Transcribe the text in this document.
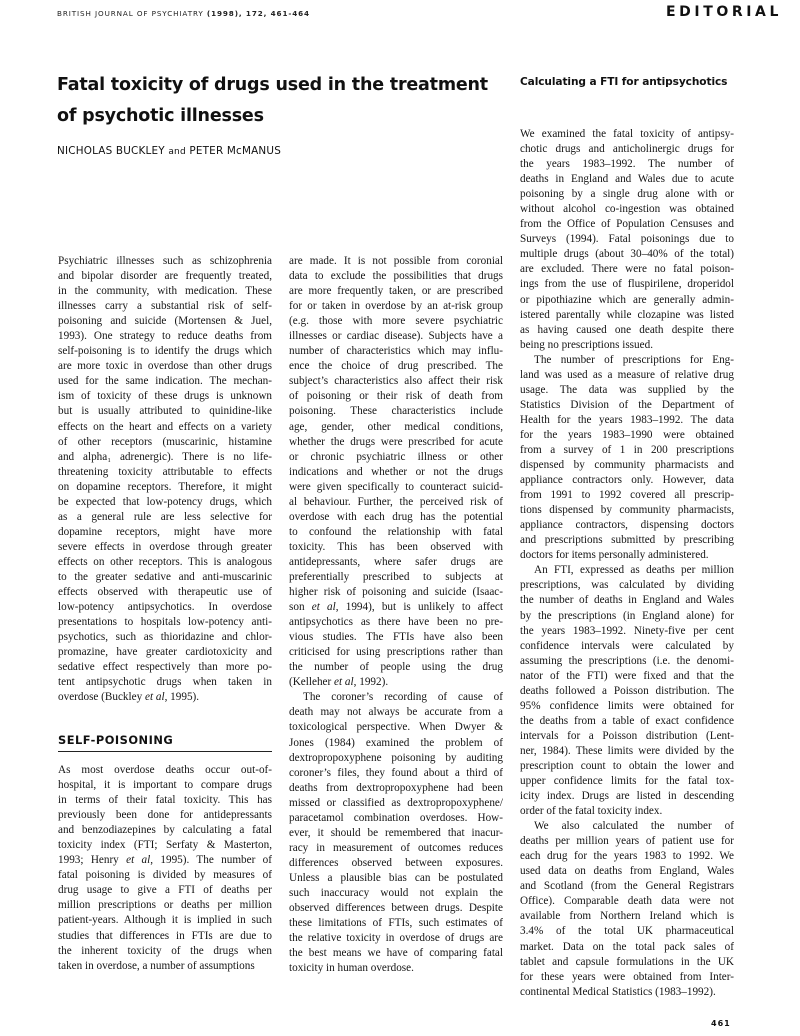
BRITISH JOURNAL OF PSYCHIATRY (1998), 172, 461-464	EDITORIAL
Fatal toxicity of drugs used in the treatment
of psychotic illnesses
NICHOLAS BUCKLEY and PETER McMANUS
Psychiatric illnesses such as schizophrenia
and bipolar disorder are frequently treated,
in the community, with medication. These
illnesses carry a substantial risk of self-
poisoning and suicide (Mortensen & Juel,
1993). One strategy to reduce deaths from
self-poisoning is to identify the drugs which
are more toxic in overdose than other drugs
used for the same indication. The mechan-
ism of toxicity of these drugs is unknown
but is usually attributed to quinidine-like
effects on the heart and effects on a variety
of other receptors (muscarinic, histamine
and alpha₁ adrenergic). There is no life-
threatening toxicity attributable to effects
on dopamine receptors. Therefore, it might
be expected that low-potency drugs, which
as a general rule are less selective for
dopamine receptors, might have more
severe effects in overdose through greater
effects on other receptors. This is analogous
to the greater sedative and anti-muscarinic
effects observed with therapeutic use of
low-potency antipsychotics. In overdose
presentations to hospitals low-potency anti-
psychotics, such as thioridazine and chlor-
promazine, have greater cardiotoxicity and
sedative effect respectively than more po-
tent antipsychotic drugs when taken in
overdose (Buckley et al, 1995).
SELF-POISONING
As most overdose deaths occur out-of-
hospital, it is important to compare drugs
in terms of their fatal toxicity. This has
previously been done for antidepressants
and benzodiazepines by calculating a fatal
toxicity index (FTI; Serfaty & Masterton,
1993; Henry et al, 1995). The number of
fatal poisoning is divided by measures of
drug usage to give a FTI of deaths per
million prescriptions or deaths per million
patient-years. Although it is implied in such
studies that differences in FTIs are due to
the inherent toxicity of the drugs when
taken in overdose, a number of assumptions
are made. It is not possible from coronial
data to exclude the possibilities that drugs
are more frequently taken, or are prescribed
for or taken in overdose by an at-risk group
(e.g. those with more severe psychiatric
illnesses or cardiac disease). Subjects have a
number of characteristics which may influ-
ence the choice of drug prescribed. The
subject’s characteristics also affect their risk
of poisoning or their risk of death from
poisoning. These characteristics include
age, gender, other medical conditions,
whether the drugs were prescribed for acute
or chronic psychiatric illness or other
indications and whether or not the drugs
were given specifically to counteract suicid-
al behaviour. Further, the perceived risk of
overdose with each drug has the potential
to confound the relationship with fatal
toxicity. This has been observed with
antidepressants, where safer drugs are
preferentially prescribed to subjects at
higher risk of poisoning and suicide (Isaac-
son et al, 1994), but is unlikely to affect
antipsychotics as there have been no pre-
vious studies. The FTIs have also been
criticised for using prescriptions rather than
the number of people using the drug
(Kelleher et al, 1992).
The coroner’s recording of cause of
death may not always be accurate from a
toxicological perspective. When Dwyer &
Jones (1984) examined the problem of
dextropropoxyphene poisoning by auditing
coroner’s files, they found about a third of
deaths from dextropropoxyphene had been
missed or classified as dextropropoxyphene/
paracetamol combination overdoses. How-
ever, it should be remembered that inacur-
racy in measurement of outcomes reduces
differences observed between exposures.
Unless a plausible bias can be postulated
such inaccuracy would not explain the
observed differences between drugs. Despite
these limitations of FTIs, such estimates of
the relative toxicity in overdose of drugs are
the best means we have of comparing fatal
toxicity in human overdose.
Calculating a FTI for antipsychotics
We examined the fatal toxicity of antipsy-
chotic drugs and anticholinergic drugs for
the years 1983–1992. The number of
deaths in England and Wales due to acute
poisoning by a single drug alone with or
without alcohol co-ingestion was obtained
from the Office of Population Censuses and
Surveys (1994). Fatal poisonings due to
multiple drugs (about 30–40% of the total)
are excluded. There were no fatal poison-
ings from the use of fluspirilene, droperidol
or pipothiazine which are generally admin-
istered parentally while clozapine was listed
as having caused one death despite there
being no prescriptions issued.
The number of prescriptions for Eng-
land was used as a measure of relative drug
usage. The data was supplied by the
Statistics Division of the Department of
Health for the years 1983–1992. The data
for the years 1983–1990 were obtained
from a survey of 1 in 200 prescriptions
dispensed by community pharmacists and
appliance contractors only. However, data
from 1991 to 1992 covered all prescrip-
tions dispensed by community pharmacists,
appliance contractors, dispensing doctors
and prescriptions submitted by prescribing
doctors for items personally administered.
An FTI, expressed as deaths per million
prescriptions, was calculated by dividing
the number of deaths in England and Wales
by the prescriptions (in England alone) for
the years 1983–1992. Ninety-five per cent
confidence intervals were calculated by
assuming the prescriptions (i.e. the denomi-
nator of the FTI) were fixed and that the
deaths followed a Poisson distribution. The
95% confidence limits were obtained for
the deaths from a table of exact confidence
intervals for a Poisson distribution (Lent-
ner, 1984). These limits were divided by the
prescription count to obtain the lower and
upper confidence limits for the fatal tox-
icity index. Drugs are listed in descending
order of the fatal toxicity index.
We also calculated the number of
deaths per million years of patient use for
each drug for the years 1983 to 1992. We
used data on deaths from England, Wales
and Scotland (from the General Registrars
Office). Comparable death data were not
available from Northern Ireland which is
3.4% of the total UK pharmaceutical
market. Data on the total pack sales of
tablet and capsule formulations in the UK
for these years were obtained from Inter-
continental Medical Statistics (1983–1992).
461
